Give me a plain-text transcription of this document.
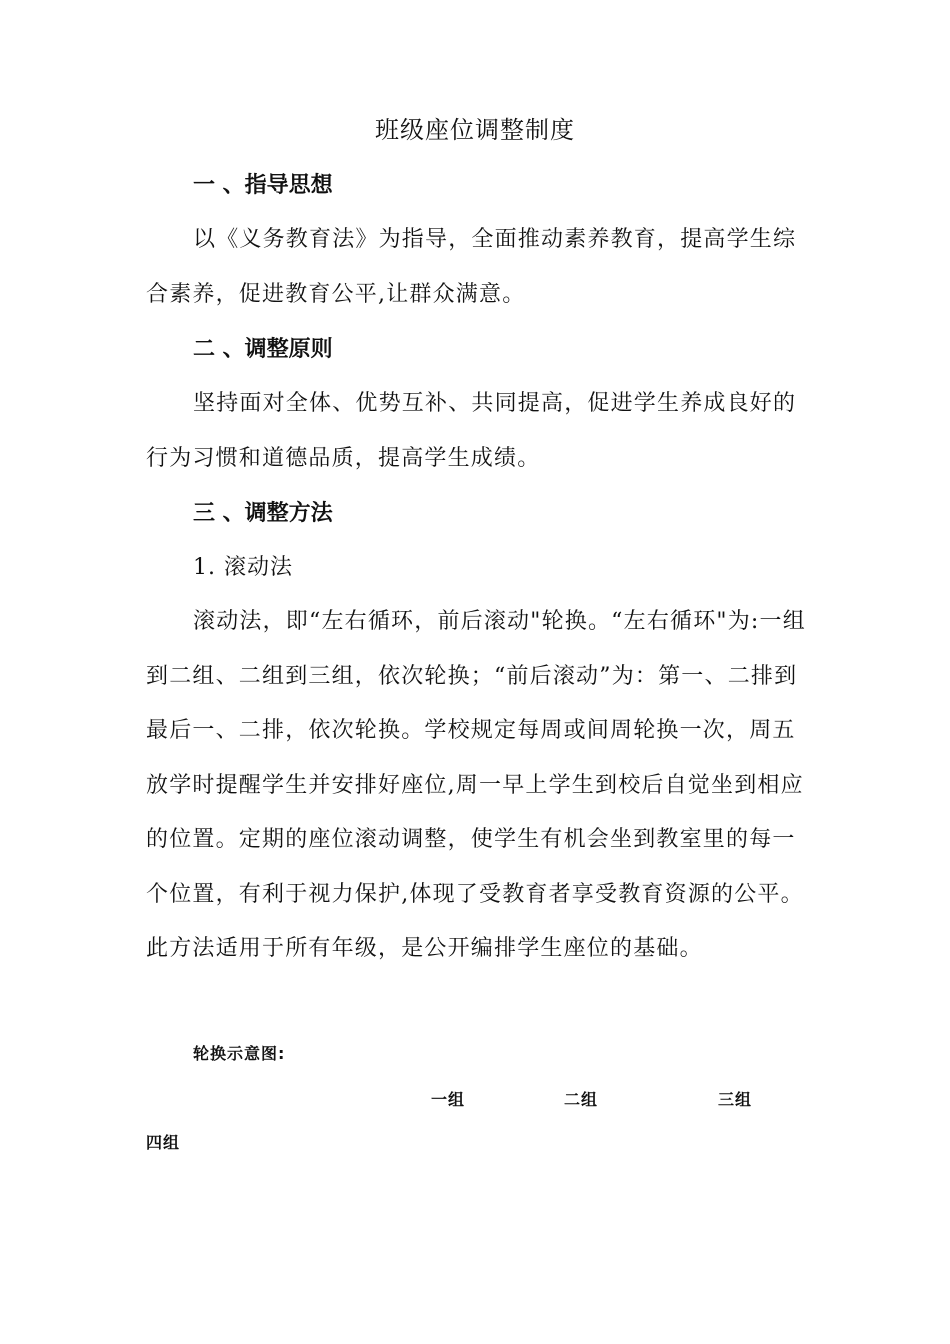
班级座位调整制度
一 、指导思想
以《义务教育法》为指导，全面推动素养教育，提高学生综合素养，促进教育公平,让群众满意。
二 、调整原则
坚持面对全体、优势互补、共同提高，促进学生养成良好的行为习惯和道德品质，提高学生成绩。
三 、调整方法
1. 滚动法
滚动法，即“左右循环，前后滚动"轮换。“左右循环"为:一组到二组、二组到三组，依次轮换；“前后滚动”为：第一、二排到最后一、二排，依次轮换。学校规定每周或间周轮换一次，周五放学时提醒学生并安排好座位,周一早上学生到校后自觉坐到相应的位置。定期的座位滚动调整，使学生有机会坐到教室里的每一个位置，有利于视力保护,体现了受教育者享受教育资源的公平。此方法适用于所有年级，是公开编排学生座位的基础。
轮换示意图:
一组	二组	三组
四组
